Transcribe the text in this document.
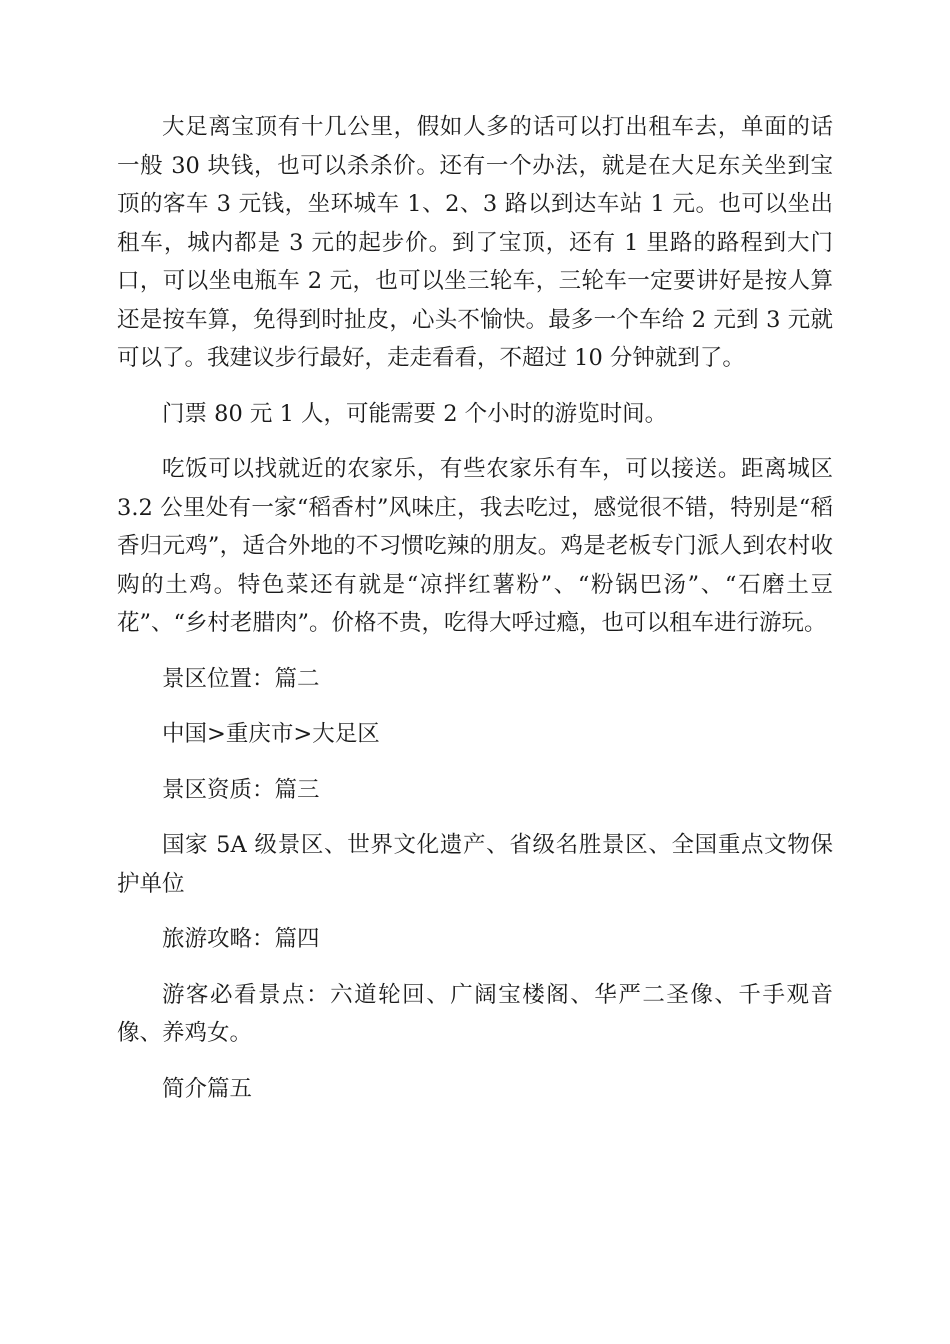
大足离宝顶有十几公里，假如人多的话可以打出租车去，单面的话一般 30 块钱，也可以杀杀价。还有一个办法，就是在大足东关坐到宝顶的客车 3 元钱，坐环城车 1、2、3 路以到达车站 1 元。也可以坐出租车，城内都是 3 元的起步价。到了宝顶，还有 1 里路的路程到大门口，可以坐电瓶车 2 元，也可以坐三轮车，三轮车一定要讲好是按人算还是按车算，免得到时扯皮，心头不愉快。最多一个车给 2 元到 3 元就可以了。我建议步行最好，走走看看，不超过 10 分钟就到了。

门票 80 元 1 人，可能需要 2 个小时的游览时间。

吃饭可以找就近的农家乐，有些农家乐有车，可以接送。距离城区 3.2 公里处有一家“稻香村”风味庄，我去吃过，感觉很不错，特别是“稻香归元鸡”，适合外地的不习惯吃辣的朋友。鸡是老板专门派人到农村收购的土鸡。特色菜还有就是“凉拌红薯粉”、“粉锅巴汤”、“石磨土豆花”、“乡村老腊肉”。价格不贵，吃得大呼过瘾，也可以租车进行游玩。

景区位置：篇二

中国>重庆市>大足区

景区资质：篇三

国家 5A 级景区、世界文化遗产、省级名胜景区、全国重点文物保护单位

旅游攻略：篇四

游客必看景点：六道轮回、广阔宝楼阁、华严二圣像、千手观音像、养鸡女。

简介篇五
